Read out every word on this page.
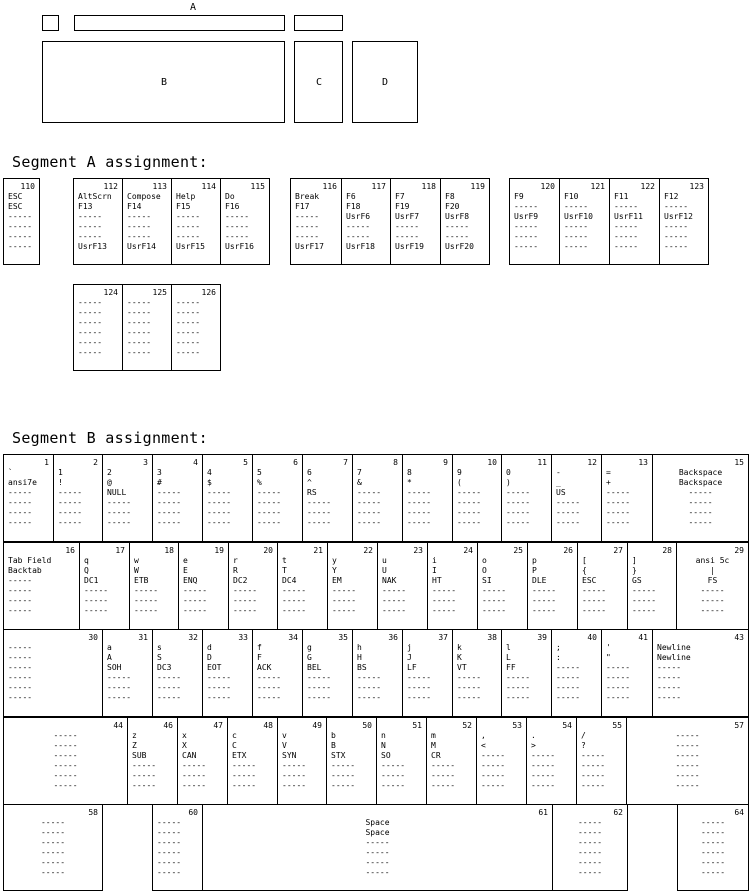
A
B	C	D
Segment A assignment:
Segment B assignment:
110
ESC
ESC
-----
-----
-----
-----
112
AltScrn
F13
-----
-----
-----
UsrF13
113
Compose
F14
-----
-----
-----
UsrF14
114
Help
F15
-----
-----
-----
UsrF15
115
Do
F16
-----
-----
-----
UsrF16
116
Break
F17
-----
-----
-----
UsrF17
117
F6
F18
UsrF6
-----
-----
UsrF18
118
F7
F19
UsrF7
-----
-----
UsrF19
119
F8
F20
UsrF8
-----
-----
UsrF20
120
F9
-----
UsrF9
-----
-----
-----
121
F10
-----
UsrF10
-----
-----
-----
122
F11
-----
UsrF11
-----
-----
-----
123
F12
-----
UsrF12
-----
-----
-----
124
-----
-----
-----
-----
-----
-----
125
-----
-----
-----
-----
-----
-----
126
-----
-----
-----
-----
-----
-----
1
`
ansi7e
-----
-----
-----
-----
2
1
!
-----
-----
-----
-----
3
2
@
NULL
-----
-----
-----
4
3
#
-----
-----
-----
-----
5
4
$
-----
-----
-----
-----
6
5
%
-----
-----
-----
-----
7
6
^
RS
-----
-----
-----
8
7
&
-----
-----
-----
-----
9
8
*
-----
-----
-----
-----
10
9
(
-----
-----
-----
-----
11
0
)
-----
-----
-----
-----
12
-
_
US
-----
-----
-----
13
=
+
-----
-----
-----
-----
15
Backspace
Backspace
-----
-----
-----
-----
16
Tab Field
Backtab
-----
-----
-----
-----
17
q
Q
DC1
-----
-----
-----
18
w
W
ETB
-----
-----
-----
19
e
E
ENQ
-----
-----
-----
20
r
R
DC2
-----
-----
-----
21
t
T
DC4
-----
-----
-----
22
y
Y
EM
-----
-----
-----
23
u
U
NAK
-----
-----
-----
24
i
I
HT
-----
-----
-----
25
o
O
SI
-----
-----
-----
26
p
P
DLE
-----
-----
-----
27
[
{
ESC
-----
-----
-----
28
]
}
GS
-----
-----
-----
29
ansi 5c
|
FS
-----
-----
-----
30
-----
-----
-----
-----
-----
-----
31
a
A
SOH
-----
-----
-----
32
s
S
DC3
-----
-----
-----
33
d
D
EOT
-----
-----
-----
34
f
F
ACK
-----
-----
-----
35
g
G
BEL
-----
-----
-----
36
h
H
BS
-----
-----
-----
37
j
J
LF
-----
-----
-----
38
k
K
VT
-----
-----
-----
39
l
L
FF
-----
-----
-----
40
;
:
-----
-----
-----
-----
41
'
"
-----
-----
-----
-----
43
Newline
Newline
-----
-----
-----
-----
44
-----
-----
-----
-----
-----
-----
46
z
Z
SUB
-----
-----
-----
47
x
X
CAN
-----
-----
-----
48
c
C
ETX
-----
-----
-----
49
v
V
SYN
-----
-----
-----
50
b
B
STX
-----
-----
-----
51
n
N
SO
-----
-----
-----
52
m
M
CR
-----
-----
-----
53
,
<
-----
-----
-----
-----
54
.
>
-----
-----
-----
-----
55
/
?
-----
-----
-----
-----
57
-----
-----
-----
-----
-----
-----
58
-----
-----
-----
-----
-----
-----
60
-----
-----
-----
-----
-----
-----
61
Space
Space
-----
-----
-----
-----
62
-----
-----
-----
-----
-----
-----
64
-----
-----
-----
-----
-----
-----
